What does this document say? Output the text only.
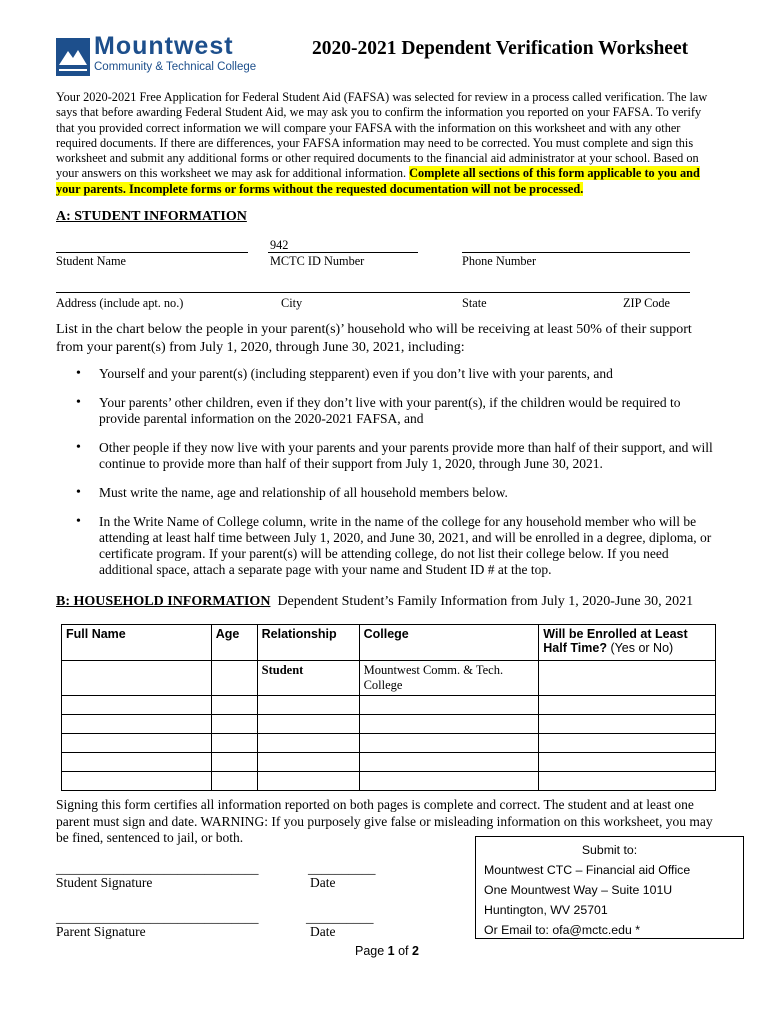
Mountwest
Community & Technical College
2020-2021 Dependent Verification Worksheet
Your 2020-2021 Free Application for Federal Student Aid (FAFSA) was selected for review in a process called verification. The law says that before awarding Federal Student Aid, we may ask you to confirm the information you reported on your FAFSA. To verify that you provided correct information we will compare your FAFSA with the information on this worksheet and with any other required documents. If there are differences, your FAFSA information may need to be corrected. You must complete and sign this worksheet and submit any additional forms or other required documents to the financial aid administrator at your school. Based on your answers on this worksheet we may ask for additional information. Complete all sections of this form applicable to you and your parents. Incomplete forms or forms without the requested documentation will not be processed.
A: STUDENT INFORMATION
942
Student Name	MCTC ID Number	Phone Number
Address (include apt. no.)	City	State	ZIP Code
List in the chart below the people in your parent(s)’ household who will be receiving at least 50% of their support from your parent(s) from July 1, 2020, through June 30, 2021, including:
• Yourself and your parent(s) (including stepparent) even if you don’t live with your parents, and
• Your parents’ other children, even if they don’t live with your parent(s), if the children would be required to provide parental information on the 2020-2021 FAFSA, and
• Other people if they now live with your parents and your parents provide more than half of their support, and will continue to provide more than half of their support from July 1, 2020, through June 30, 2021.
• Must write the name, age and relationship of all household members below.
• In the Write Name of College column, write in the name of the college for any household member who will be attending at least half time between July 1, 2020, and June 30, 2021, and will be enrolled in a degree, diploma, or certificate program. If your parent(s) will be attending college, do not list their college below. If you need additional space, attach a separate page with your name and Student ID # at the top.
B: HOUSEHOLD INFORMATION Dependent Student’s Family Information from July 1, 2020-June 30, 2021
Full Name	Age	Relationship	College	Will be Enrolled at Least Half Time? (Yes or No)
		Student	Mountwest Comm. & Tech. College	

Signing this form certifies all information reported on both pages is complete and correct. The student and at least one parent must sign and date. WARNING: If you purposely give false or misleading information on this worksheet, you may be fined, sentenced to jail, or both.
______________________________	__________
Student Signature	Date
______________________________	__________
Parent Signature	Date
Submit to:
Mountwest CTC – Financial aid Office
One Mountwest Way – Suite 101U
Huntington, WV 25701
Or Email to: ofa@mctc.edu *
Page 1 of 2
